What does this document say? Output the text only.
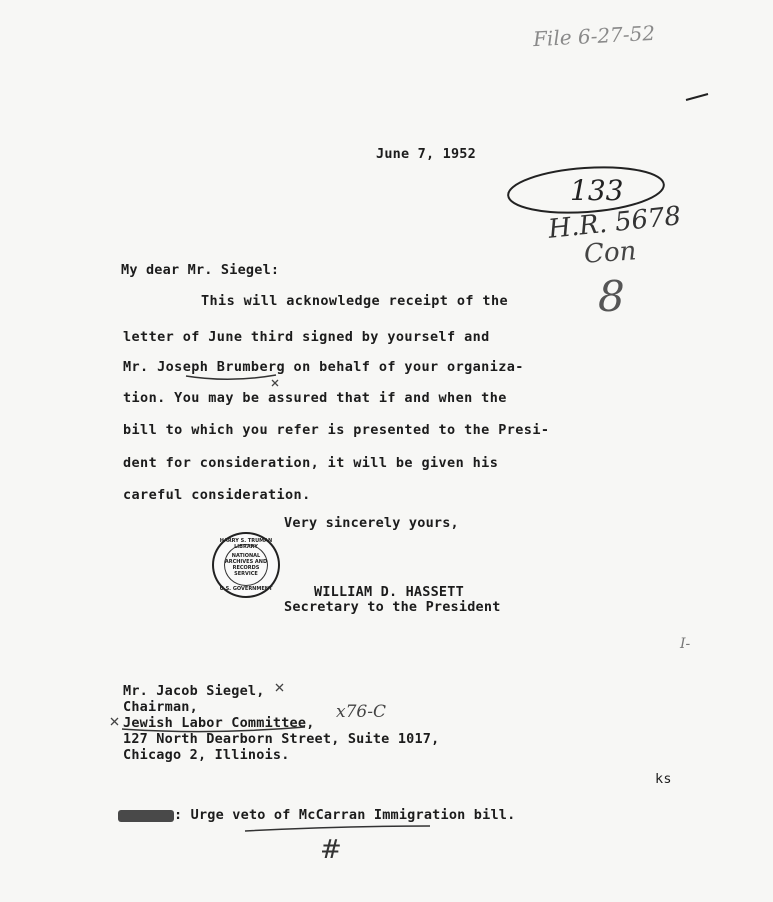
File 6-27-52
133
H.R. 5678
Con
8
I-
June 7, 1952
My dear Mr. Siegel:
This will acknowledge receipt of the
letter of June third signed by yourself and
Mr. Joseph Brumberg on behalf of your organiza-
tion. You may be assured that if and when the
bill to which you refer is presented to the Presi-
dent for consideration, it will be given his
careful consideration.
Very sincerely yours,
HARRY S. TRUMAN LIBRARY
NATIONAL
ARCHIVES AND
RECORDS
SERVICE
U.S. GOVERNMENT	WILLIAM D. HASSETT
Secretary to the President
Mr. Jacob Siegel,
Chairman,
Jewish Labor Committee,
127 North Dearborn Street, Suite 1017,
Chicago 2, Illinois.
x76-C
ks
: Urge veto of McCarran Immigration bill.
#
